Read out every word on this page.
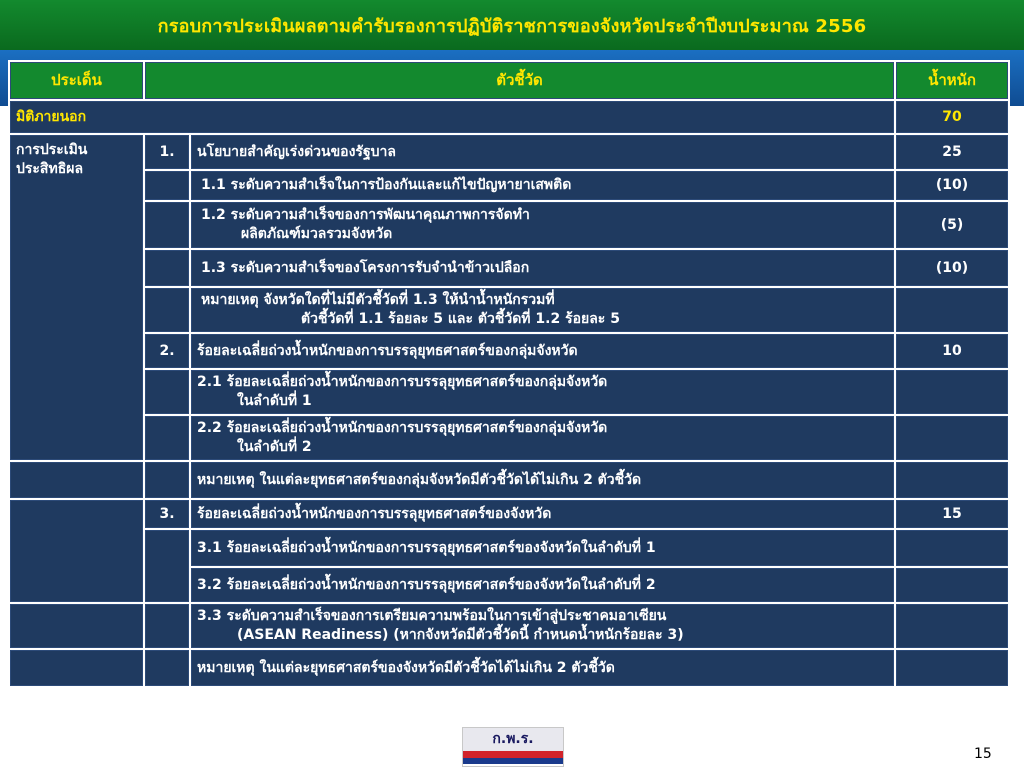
กรอบการประเมินผลตามคำรับรองการปฏิบัติราชการของจังหวัดประจำปีงบประมาณ 2556
ประเด็น	ตัวชี้วัด		น้ำหนัก
มิติภายนอก			70
การประเมิน
ประสิทธิผล	1.	นโยบายสำคัญเร่งด่วนของรัฐบาล	25
		1.1 ระดับความสำเร็จในการป้องกันและแก้ไขปัญหายาเสพติด	(10)
		1.2 ระดับความสำเร็จของการพัฒนาคุณภาพการจัดทำ
ผลิตภัณฑ์มวลรวมจังหวัด	(5)
		1.3 ระดับความสำเร็จของโครงการรับจำนำข้าวเปลือก	(10)
		หมายเหตุ จังหวัดใดที่ไม่มีตัวชี้วัดที่ 1.3 ให้นำน้ำหนักรวมที่
ตัวชี้วัดที่ 1.1 ร้อยละ 5 และ ตัวชี้วัดที่ 1.2 ร้อยละ 5	

	2.	ร้อยละเฉลี่ยถ่วงน้ำหนักของการบรรลุยุทธศาสตร์ของกลุ่มจังหวัด	10
		2.1 ร้อยละเฉลี่ยถ่วงน้ำหนักของการบรรลุยุทธศาสตร์ของกลุ่มจังหวัด
ในลำดับที่ 1	

		2.2 ร้อยละเฉลี่ยถ่วงน้ำหนักของการบรรลุยุทธศาสตร์ของกลุ่มจังหวัด
ในลำดับที่ 2	

		หมายเหตุ ในแต่ละยุทธศาสตร์ของกลุ่มจังหวัดมีตัวชี้วัดได้ไม่เกิน 2 ตัวชี้วัด	
	3.	ร้อยละเฉลี่ยถ่วงน้ำหนักของการบรรลุยุทธศาสตร์ของจังหวัด	15
		3.1 ร้อยละเฉลี่ยถ่วงน้ำหนักของการบรรลุยุทธศาสตร์ของจังหวัดในลำดับที่ 1	
		3.2 ร้อยละเฉลี่ยถ่วงน้ำหนักของการบรรลุยุทธศาสตร์ของจังหวัดในลำดับที่ 2	
		3.3 ระดับความสำเร็จของการเตรียมความพร้อมในการเข้าสู่ประชาคมอาเซียน
(ASEAN Readiness) (หากจังหวัดมีตัวชี้วัดนี้ กำหนดน้ำหนักร้อยละ 3)	

		หมายเหตุ ในแต่ละยุทธศาสตร์ของจังหวัดมีตัวชี้วัดได้ไม่เกิน 2 ตัวชี้วัด	
ก.พ.ร.
15
